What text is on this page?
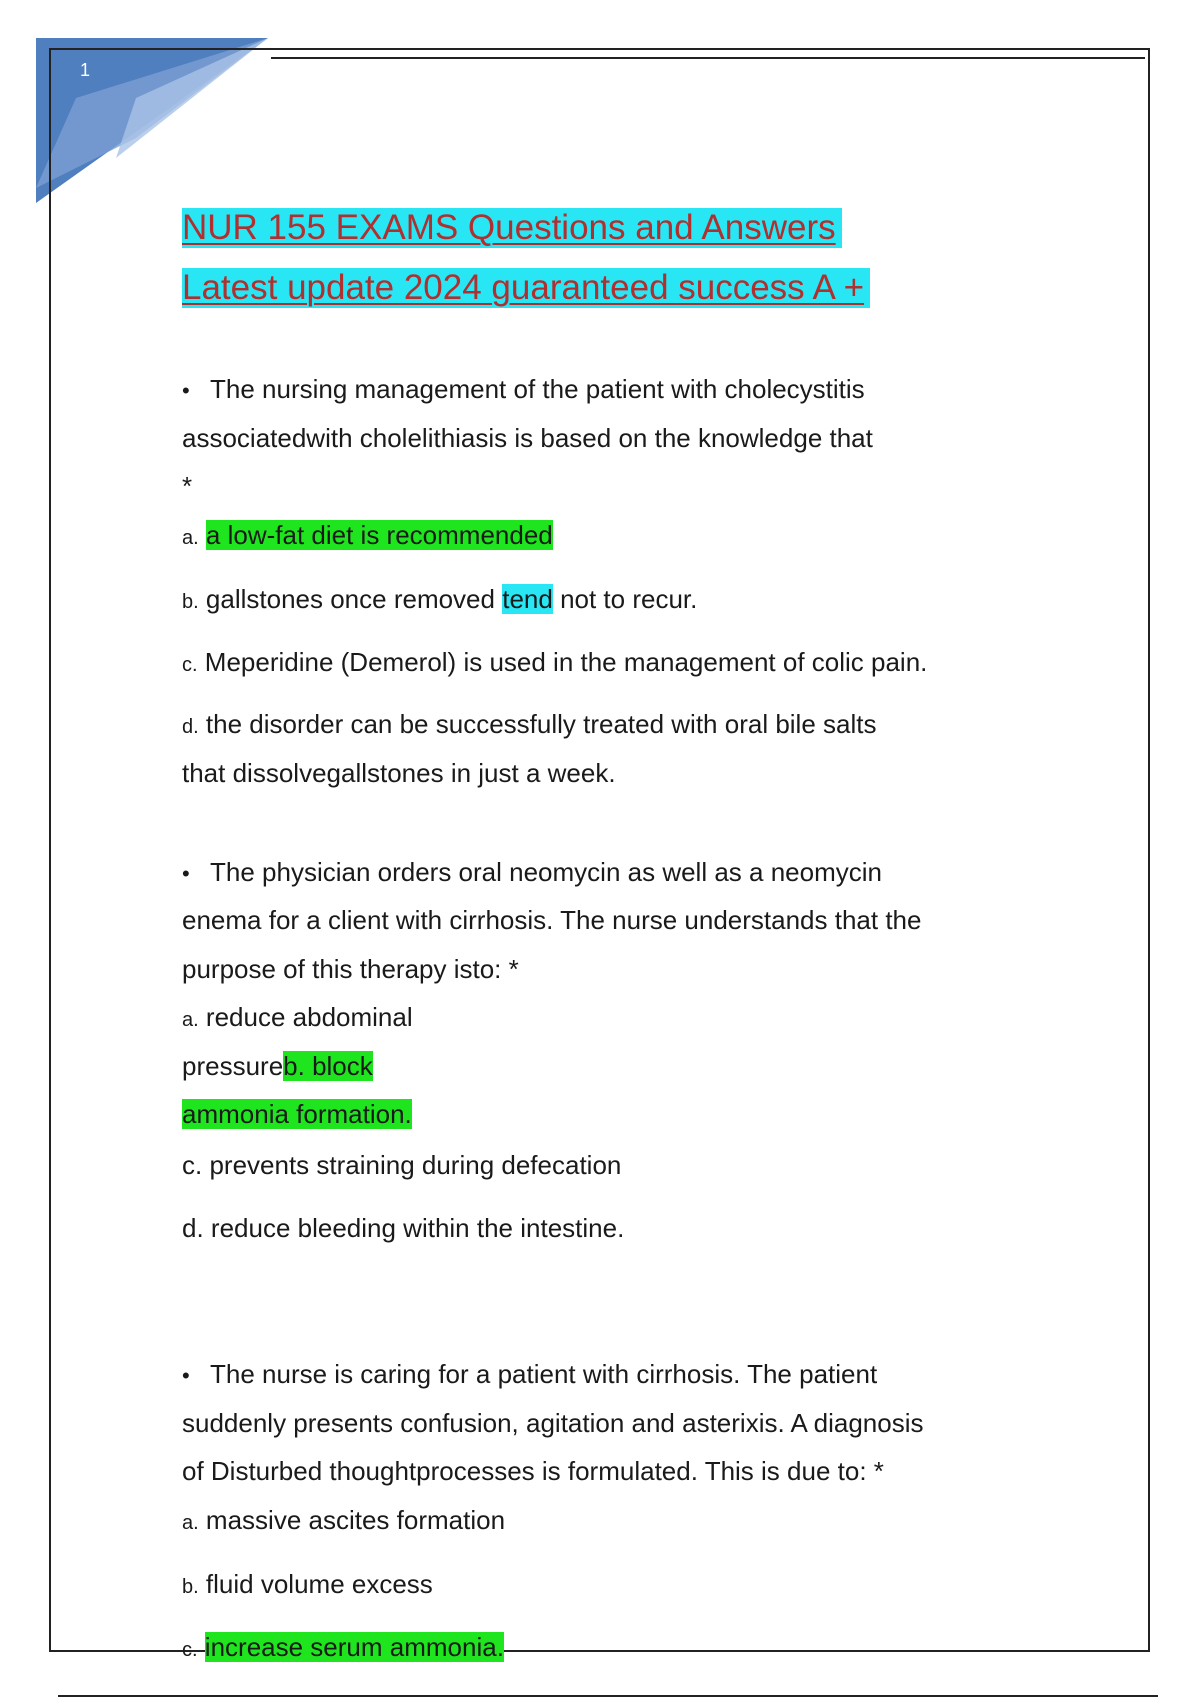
1
NUR 155 EXAMS Questions and Answers
Latest update 2024 guaranteed success A +
• The nursing management of the patient with cholecystitis
associatedwith cholelithiasis is based on the knowledge that
*
a. a low-fat diet is recommended
b. gallstones once removed tend not to recur.
c. Meperidine (Demerol) is used in the management of colic pain.
d. the disorder can be successfully treated with oral bile salts
that dissolvegallstones in just a week.
• The physician orders oral neomycin as well as a neomycin
enema for a client with cirrhosis. The nurse understands that the
purpose of this therapy isto: *
a. reduce abdominal
pressureb. block
ammonia formation.
c. prevents straining during defecation
d. reduce bleeding within the intestine.
• The nurse is caring for a patient with cirrhosis. The patient
suddenly presents confusion, agitation and asterixis. A diagnosis
of Disturbed thoughtprocesses is formulated. This is due to: *
a. massive ascites formation
b. fluid volume excess
c. increase serum ammonia.
